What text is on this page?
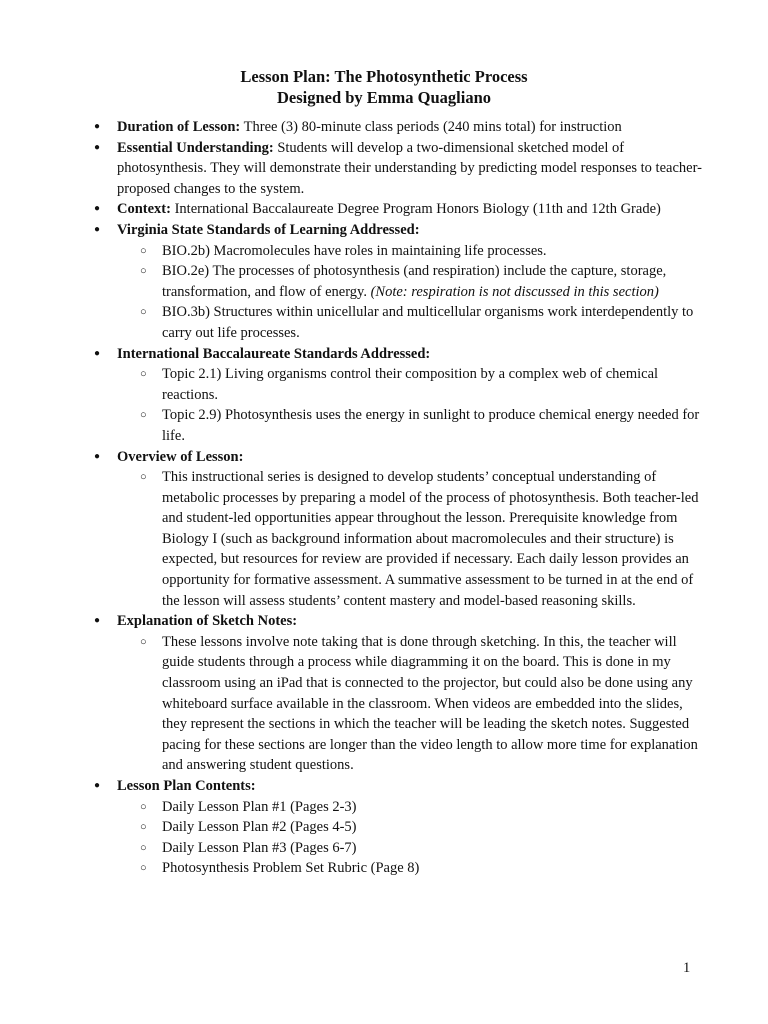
Lesson Plan: The Photosynthetic Process
Designed by Emma Quagliano
● Duration of Lesson: Three (3) 80-minute class periods (240 mins total) for instruction
● Essential Understanding: Students will develop a two-dimensional sketched model of photosynthesis. They will demonstrate their understanding by predicting model responses to teacher-proposed changes to the system.
● Context: International Baccalaureate Degree Program Honors Biology (11th and 12th Grade)
● Virginia State Standards of Learning Addressed:
○ BIO.2b) Macromolecules have roles in maintaining life processes.
○ BIO.2e) The processes of photosynthesis (and respiration) include the capture, storage, transformation, and flow of energy. (Note: respiration is not discussed in this section)
○ BIO.3b) Structures within unicellular and multicellular organisms work interdependently to carry out life processes.
● International Baccalaureate Standards Addressed:
○ Topic 2.1) Living organisms control their composition by a complex web of chemical reactions.
○ Topic 2.9) Photosynthesis uses the energy in sunlight to produce chemical energy needed for life.
● Overview of Lesson:
○ This instructional series is designed to develop students’ conceptual understanding of metabolic processes by preparing a model of the process of photosynthesis. Both teacher-led and student-led opportunities appear throughout the lesson. Prerequisite knowledge from Biology I (such as background information about macromolecules and their structure) is expected, but resources for review are provided if necessary. Each daily lesson provides an opportunity for formative assessment. A summative assessment to be turned in at the end of the lesson will assess students’ content mastery and model-based reasoning skills.
● Explanation of Sketch Notes:
○ These lessons involve note taking that is done through sketching. In this, the teacher will guide students through a process while diagramming it on the board. This is done in my classroom using an iPad that is connected to the projector, but could also be done using any whiteboard surface available in the classroom. When videos are embedded into the slides, they represent the sections in which the teacher will be leading the sketch notes. Suggested pacing for these sections are longer than the video length to allow more time for explanation and answering student questions.
● Lesson Plan Contents:
○ Daily Lesson Plan #1 (Pages 2-3)
○ Daily Lesson Plan #2 (Pages 4-5)
○ Daily Lesson Plan #3 (Pages 6-7)
○ Photosynthesis Problem Set Rubric (Page 8)
1
